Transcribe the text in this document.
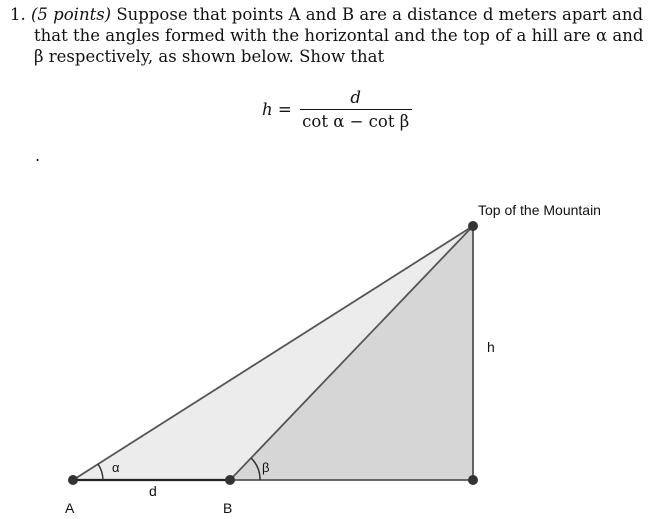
1. (5 points) Suppose that points A and B are a distance d meters apart and
that the angles formed with the horizontal and the top of a hill are α and
β respectively, as shown below. Show that
$h = \frac{d}{\text{cot α − cot β}}$
.
Top of the Mountain
h
A	B
d
α	β
